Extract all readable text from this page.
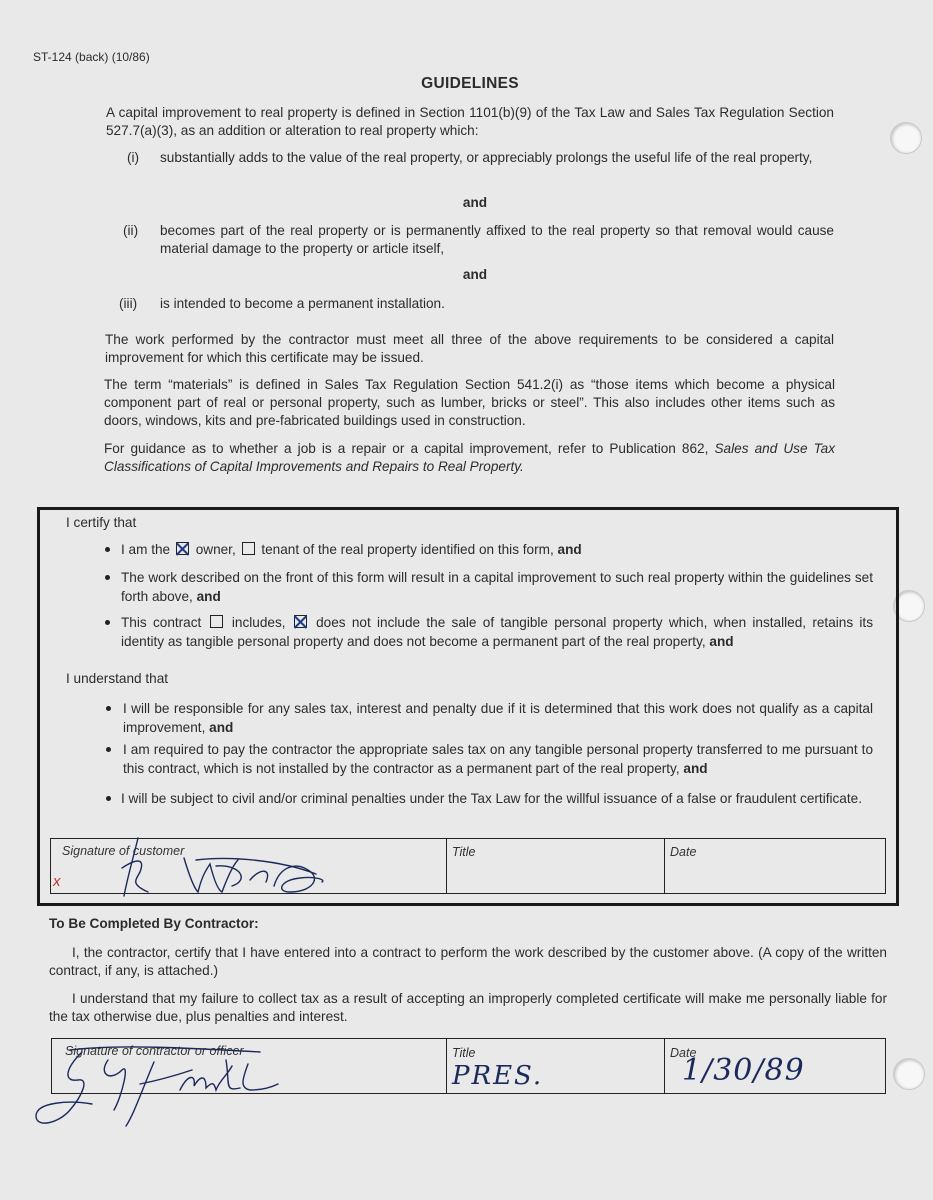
ST-124 (back) (10/86)
GUIDELINES
A capital improvement to real property is defined in Section 1101(b)(9) of the Tax Law and Sales Tax Regulation Section 527.7(a)(3), as an addition or alteration to real property which:
(i) substantially adds to the value of the real property, or appreciably prolongs the useful life of the real property,
and
(ii) becomes part of the real property or is permanently affixed to the real property so that removal would cause material damage to the property or article itself,
and
(iii) is intended to become a permanent installation.
The work performed by the contractor must meet all three of the above requirements to be considered a capital improvement for which this certificate may be issued.
The term “materials” is defined in Sales Tax Regulation Section 541.2(i) as “those items which become a physical component part of real or personal property, such as lumber, bricks or steel”. This also includes other items such as doors, windows, kits and pre-fabricated buildings used in construction.
For guidance as to whether a job is a repair or a capital improvement, refer to Publication 862, Sales and Use Tax Classifications of Capital Improvements and Repairs to Real Property.
I certify that
I am the owner, tenant of the real property identified on this form, and
The work described on the front of this form will result in a capital improvement to such real property within the guidelines set forth above, and
This contract includes, does not include the sale of tangible personal property which, when installed, retains its identity as tangible personal property and does not become a permanent part of the real property, and
I understand that
I will be responsible for any sales tax, interest and penalty due if it is determined that this work does not qualify as a capital improvement, and
I am required to pay the contractor the appropriate sales tax on any tangible personal property transferred to me pursuant to this contract, which is not installed by the contractor as a permanent part of the real property, and
I will be subject to civil and/or criminal penalties under the Tax Law for the willful issuance of a false or fraudulent certificate.
Signature of customer	Title	Date
x
To Be Completed By Contractor:
I, the contractor, certify that I have entered into a contract to perform the work described by the customer above. (A copy of the written contract, if any, is attached.)
I understand that my failure to collect tax as a result of accepting an improperly completed certificate will make me personally liable for the tax otherwise due, plus penalties and interest.
Signature of contractor or officer	Title	Date
PRES.	1/30/89
